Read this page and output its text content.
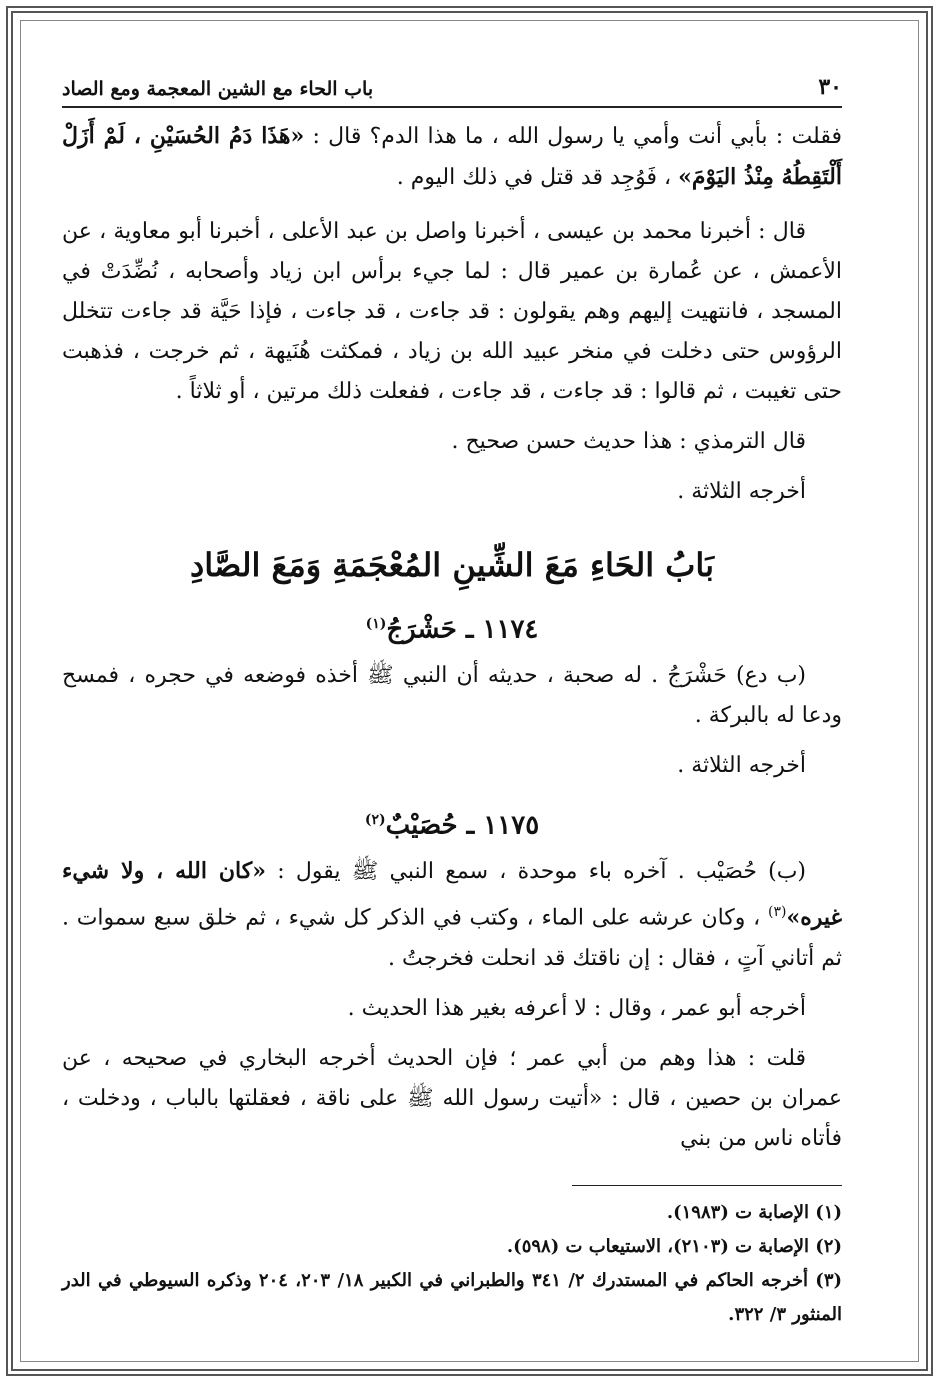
٣٠
باب الحاء مع الشين المعجمة ومع الصاد

فقلت : بأبي أنت وأمي يا رسول الله ، ما هذا الدم؟ قال : «هَذَا دَمُ الحُسَيْنِ ، لَمْ أَزَلْ أَلْتَقِطُهُ مِنْذُ اليَوْمَ» ، فَوُجِد قد قتل في ذلك اليوم .

قال : أخبرنا محمد بن عيسى ، أخبرنا واصل بن عبد الأعلى ، أخبرنا أبو معاوية ، عن الأعمش ، عن عُمارة بن عمير قال : لما جيء برأس ابن زياد وأصحابه ، نُضِّدَتْ في المسجد ، فانتهيت إليهم وهم يقولون : قد جاءت ، قد جاءت ، فإذا حَيَّة قد جاءت تتخلل الرؤوس حتى دخلت في منخر عبيد الله بن زياد ، فمكثت هُنَيهة ، ثم خرجت ، فذهبت حتى تغيبت ، ثم قالوا : قد جاءت ، قد جاءت ، ففعلت ذلك مرتين ، أو ثلاثاً .

قال الترمذي : هذا حديث حسن صحيح .

أخرجه الثلاثة .

بَابُ الحَاءِ مَعَ الشِّينِ المُعْجَمَةِ وَمَعَ الصَّادِ
١١٧٤ ـ حَشْرَجُ$^{(١)}$

(ب دع) حَشْرَجُ . له صحبة ، حديثه أن النبي ﷺ أخذه فوضعه في حجره ، فمسح ودعا له بالبركة .

أخرجه الثلاثة .

١١٧٥ ـ حُصَيْبٌ$^{(٢)}$

(ب) حُصَيْب . آخره باء موحدة ، سمع النبي ﷺ يقول : «كان الله ، ولا شيء غيره»$^{(٣)}$ ، وكان عرشه على الماء ، وكتب في الذكر كل شيء ، ثم خلق سبع سموات . ثم أتاني آتٍ ، فقال : إن ناقتك قد انحلت فخرجتُ .

أخرجه أبو عمر ، وقال : لا أعرفه بغير هذا الحديث .

قلت : هذا وهم من أبي عمر ؛ فإن الحديث أخرجه البخاري في صحيحه ، عن عمران بن حصين ، قال : «أتيت رسول الله ﷺ على ناقة ، فعقلتها بالباب ، ودخلت ، فأتاه ناس من بني

(١) الإصابة ت (١٩٨٣).
(٢) الإصابة ت (٢١٠٣)، الاستيعاب ت (٥٩٨).
(٣) أخرجه الحاكم في المستدرك ٢/ ٣٤١ والطبراني في الكبير ١٨/ ٢٠٣، ٢٠٤ وذكره السيوطي في الدر المنثور ٣/ ٣٢٢.
